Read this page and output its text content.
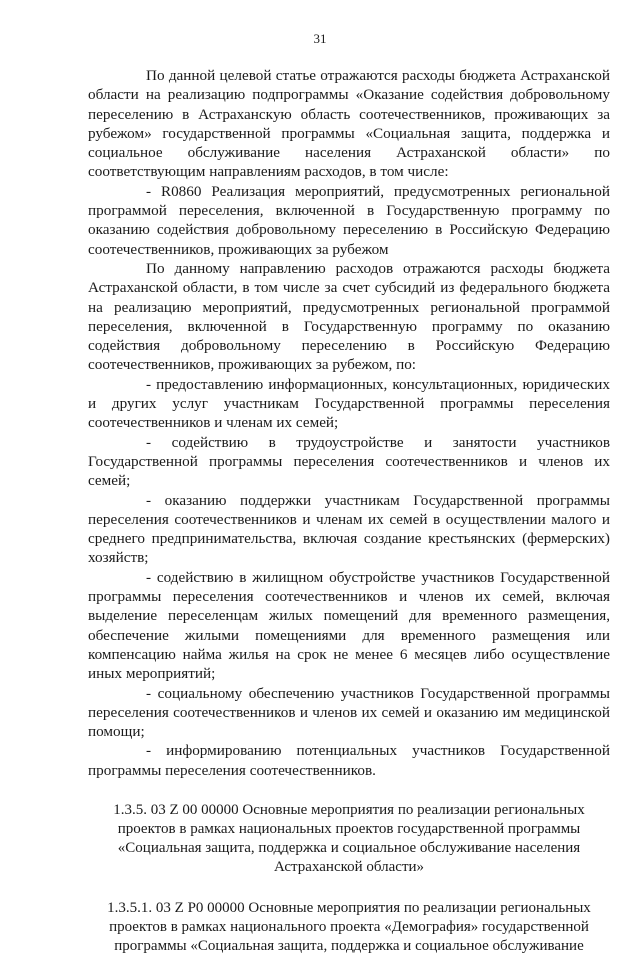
31

По данной целевой статье отражаются расходы бюджета Астраханской области на реализацию подпрограммы «Оказание содействия добровольному переселению в Астраханскую область соотечественников, проживающих за рубежом» государственной программы «Социальная защита, поддержка и социальное обслуживание населения Астраханской области» по соответствующим направлениям расходов, в том числе:

- R0860 Реализация мероприятий, предусмотренных региональной программой переселения, включенной в Государственную программу по оказанию содействия добровольному переселению в Российскую Федерацию соотечественников, проживающих за рубежом

По данному направлению расходов отражаются расходы бюджета Астраханской области, в том числе за счет субсидий из федерального бюджета на реализацию мероприятий, предусмотренных региональной программой переселения, включенной в Государственную программу по оказанию содействия добровольному переселению в Российскую Федерацию соотечественников, проживающих за рубежом, по:

- предоставлению информационных, консультационных, юридических и других услуг участникам Государственной программы переселения соотечественников и членам их семей;

- содействию в трудоустройстве и занятости участников Государственной программы переселения соотечественников и членов их семей;

- оказанию поддержки участникам Государственной программы переселения соотечественников и членам их семей в осуществлении малого и среднего предпринимательства, включая создание крестьянских (фермерских) хозяйств;

- содействию в жилищном обустройстве участников Государственной программы переселения соотечественников и членов их семей, включая выделение переселенцам жилых помещений для временного размещения, обеспечение жилыми помещениями для временного размещения или компенсацию найма жилья на срок не менее 6 месяцев либо осуществление иных мероприятий;

- социальному обеспечению участников Государственной программы переселения соотечественников и членов их семей и оказанию им медицинской помощи;

- информированию потенциальных участников Государственной программы переселения соотечественников.

1.3.5. 03 Z 00 00000 Основные мероприятия по реализации региональных проектов в рамках национальных проектов государственной программы «Социальная защита, поддержка и социальное обслуживание населения Астраханской области»

1.3.5.1. 03 Z P0 00000 Основные мероприятия по реализации региональных проектов в рамках национального проекта «Демография» государственной программы «Социальная защита, поддержка и социальное обслуживание
